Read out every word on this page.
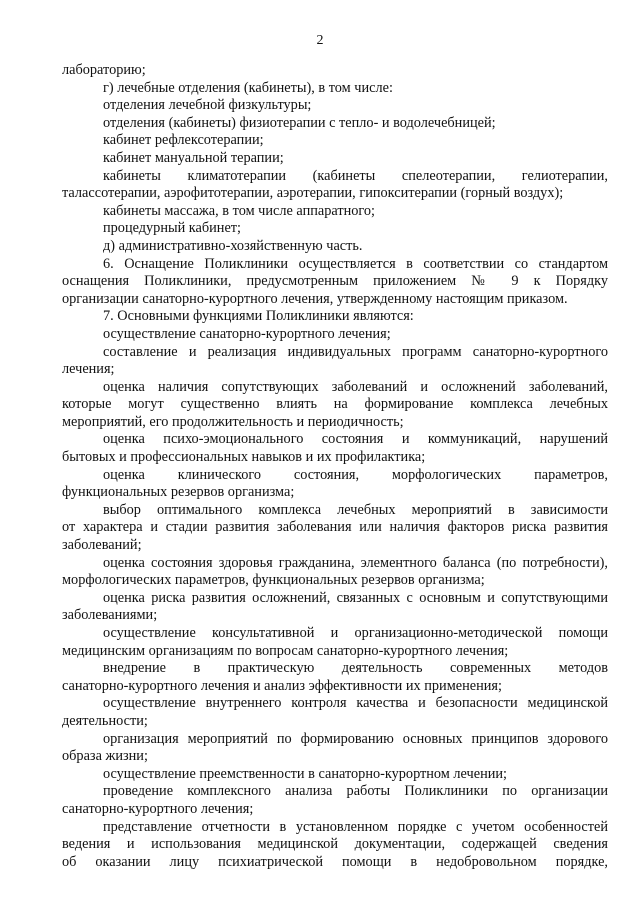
2
лабораторию;
г) лечебные отделения (кабинеты), в том числе:
отделения лечебной физкультуры;
отделения (кабинеты) физиотерапии с тепло- и водолечебницей;
кабинет рефлексотерапии;
кабинет мануальной терапии;
кабинеты климатотерапии (кабинеты спелеотерапии, гелиотерапии,
талассотерапии, аэрофитотерапии, аэротерапии, гипокситерапии (горный воздух);
кабинеты массажа, в том числе аппаратного;
процедурный кабинет;
д) административно-хозяйственную часть.
6. Оснащение Поликлиники осуществляется в соответствии со стандартом
оснащения Поликлиники, предусмотренным приложением № 9 к Порядку
организации санаторно-курортного лечения, утвержденному настоящим приказом.
7. Основными функциями Поликлиники являются:
осуществление санаторно-курортного лечения;
составление и реализация индивидуальных программ санаторно-курортного
лечения;
оценка наличия сопутствующих заболеваний и осложнений заболеваний,
которые могут существенно влиять на формирование комплекса лечебных
мероприятий, его продолжительность и периодичность;
оценка психо-эмоционального состояния и коммуникаций, нарушений
бытовых и профессиональных навыков и их профилактика;
оценка клинического состояния, морфологических параметров,
функциональных резервов организма;
выбор оптимального комплекса лечебных мероприятий в зависимости
от характера и стадии развития заболевания или наличия факторов риска развития
заболеваний;
оценка состояния здоровья гражданина, элементного баланса (по потребности),
морфологических параметров, функциональных резервов организма;
оценка риска развития осложнений, связанных с основным и сопутствующими
заболеваниями;
осуществление консультативной и организационно-методической помощи
медицинским организациям по вопросам санаторно-курортного лечения;
внедрение в практическую деятельность современных методов
санаторно-курортного лечения и анализ эффективности их применения;
осуществление внутреннего контроля качества и безопасности медицинской
деятельности;
организация мероприятий по формированию основных принципов здорового
образа жизни;
осуществление преемственности в санаторно-курортном лечении;
проведение комплексного анализа работы Поликлиники по организации
санаторно-курортного лечения;
представление отчетности в установленном порядке с учетом особенностей
ведения и использования медицинской документации, содержащей сведения
об оказании лицу психиатрической помощи в недобровольном порядке,
